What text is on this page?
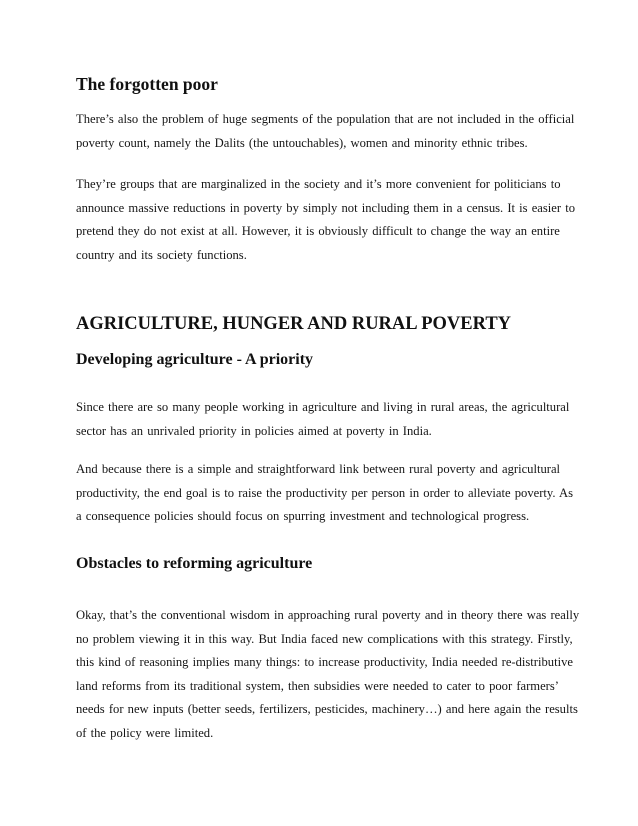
The forgotten poor

There’s also the problem of huge segments of the population that are not included in the official
poverty count, namely the Dalits (the untouchables), women and minority ethnic tribes.

They’re groups that are marginalized in the society and it’s more convenient for politicians to
announce massive reductions in poverty by simply not including them in a census. It is easier to
pretend they do not exist at all. However, it is obviously difficult to change the way an entire
country and its society functions.

AGRICULTURE, HUNGER AND RURAL POVERTY
Developing agriculture - A priority

Since there are so many people working in agriculture and living in rural areas, the agricultural
sector has an unrivaled priority in policies aimed at poverty in India.

And because there is a simple and straightforward link between rural poverty and agricultural
productivity, the end goal is to raise the productivity per person in order to alleviate poverty. As
a consequence policies should focus on spurring investment and technological progress.

Obstacles to reforming agriculture

Okay, that’s the conventional wisdom in approaching rural poverty and in theory there was really
no problem viewing it in this way. But India faced new complications with this strategy. Firstly,
this kind of reasoning implies many things: to increase productivity, India needed re-distributive
land reforms from its traditional system, then subsidies were needed to cater to poor farmers’
needs for new inputs (better seeds, fertilizers, pesticides, machinery…) and here again the results
of the policy were limited.
